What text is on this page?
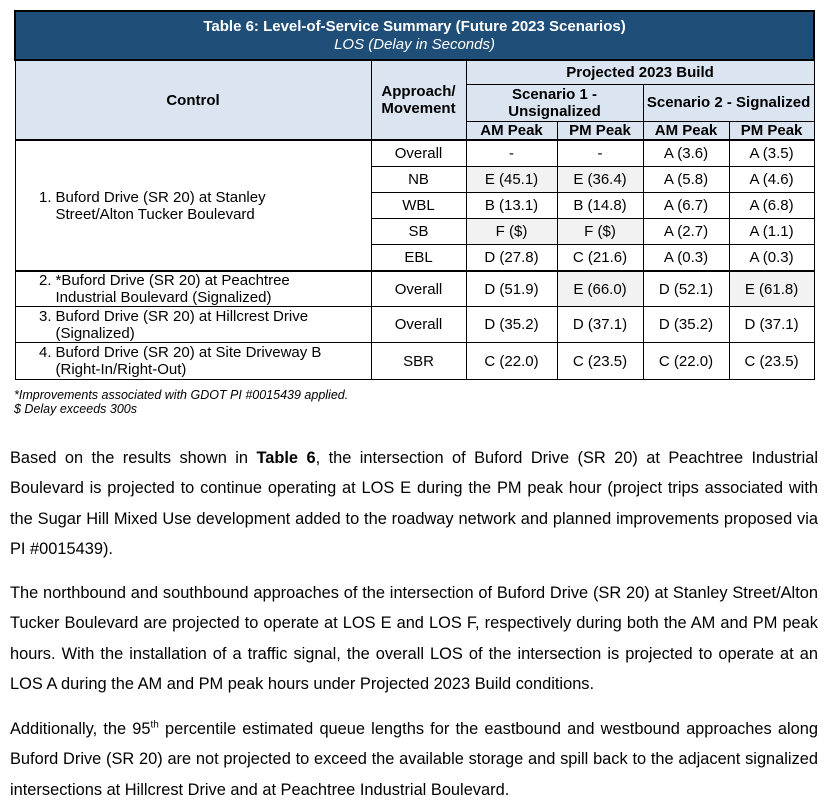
Table 6: Level-of-Service Summary (Future 2023 Scenarios)
LOS (Delay in Seconds)					

Control	Approach/ Movement	Projected 2023 Build			
		Scenario 1 - Unsignalized		Scenario 2 - Signalized	
		AM Peak	PM Peak	AM Peak	PM Peak
1. Buford Drive (SR 20) at Stanley Street/Alton Tucker Boulevard	Overall	-	-	A (3.6)	A (3.5)
	NB	E (45.1)	E (36.4)	A (5.8)	A (4.6)
	WBL	B (13.1)	B (14.8)	A (6.7)	A (6.8)
	SB	F ($)	F ($)	A (2.7)	A (1.1)
	EBL	D (27.8)	C (21.6)	A (0.3)	A (0.3)
2. *Buford Drive (SR 20) at Peachtree Industrial Boulevard (Signalized)	Overall	D (51.9)	E (66.0)	D (52.1)	E (61.8)
3. Buford Drive (SR 20) at Hillcrest Drive (Signalized)	Overall	D (35.2)	D (37.1)	D (35.2)	D (37.1)
4. Buford Drive (SR 20) at Site Driveway B (Right-In/Right-Out)	SBR	C (22.0)	C (23.5)	C (22.0)	C (23.5)
*Improvements associated with GDOT PI #0015439 applied.
$ Delay exceeds 300s
Based on the results shown in Table 6, the intersection of Buford Drive (SR 20) at Peachtree Industrial Boulevard is projected to continue operating at LOS E during the PM peak hour (project trips associated with the Sugar Hill Mixed Use development added to the roadway network and planned improvements proposed via PI #0015439).
The northbound and southbound approaches of the intersection of Buford Drive (SR 20) at Stanley Street/Alton Tucker Boulevard are projected to operate at LOS E and LOS F, respectively during both the AM and PM peak hours. With the installation of a traffic signal, the overall LOS of the intersection is projected to operate at an LOS A during the AM and PM peak hours under Projected 2023 Build conditions.
Additionally, the 95th percentile estimated queue lengths for the eastbound and westbound approaches along Buford Drive (SR 20) are not projected to exceed the available storage and spill back to the adjacent signalized intersections at Hillcrest Drive and at Peachtree Industrial Boulevard.
